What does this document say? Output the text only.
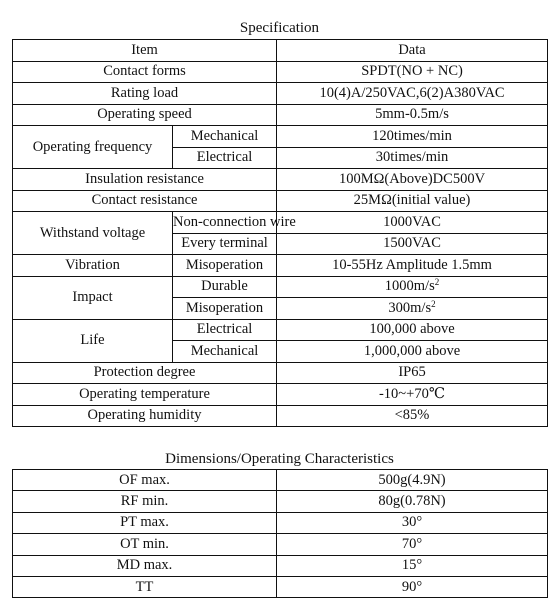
Specification
Item		Data
Contact forms		SPDT(NO + NC)
Rating load		10(4)A/250VAC,6(2)A380VAC
Operating speed		5mm-0.5m/s
Operating frequency	Mechanical	120times/min
	Electrical	30times/min
Insulation resistance		100MΩ(Above)DC500V
Contact resistance		25MΩ(initial value)
Withstand voltage	Non-connection wire	1000VAC
	Every terminal	1500VAC
Vibration	Misoperation	10-55Hz Amplitude 1.5mm
Impact	Durable	$1000m/s^2$
	Misoperation	$300m/s^2$
Life	Electrical	100,000 above
	Mechanical	1,000,000 above
Protection degree		IP65
Operating temperature		-10~+70℃
Operating humidity		<85%
Dimensions/Operating Characteristics
OF max.	500g(4.9N)
RF min.	80g(0.78N)
PT max.	30°
OT min.	70°
MD max.	15°
TT	90°
